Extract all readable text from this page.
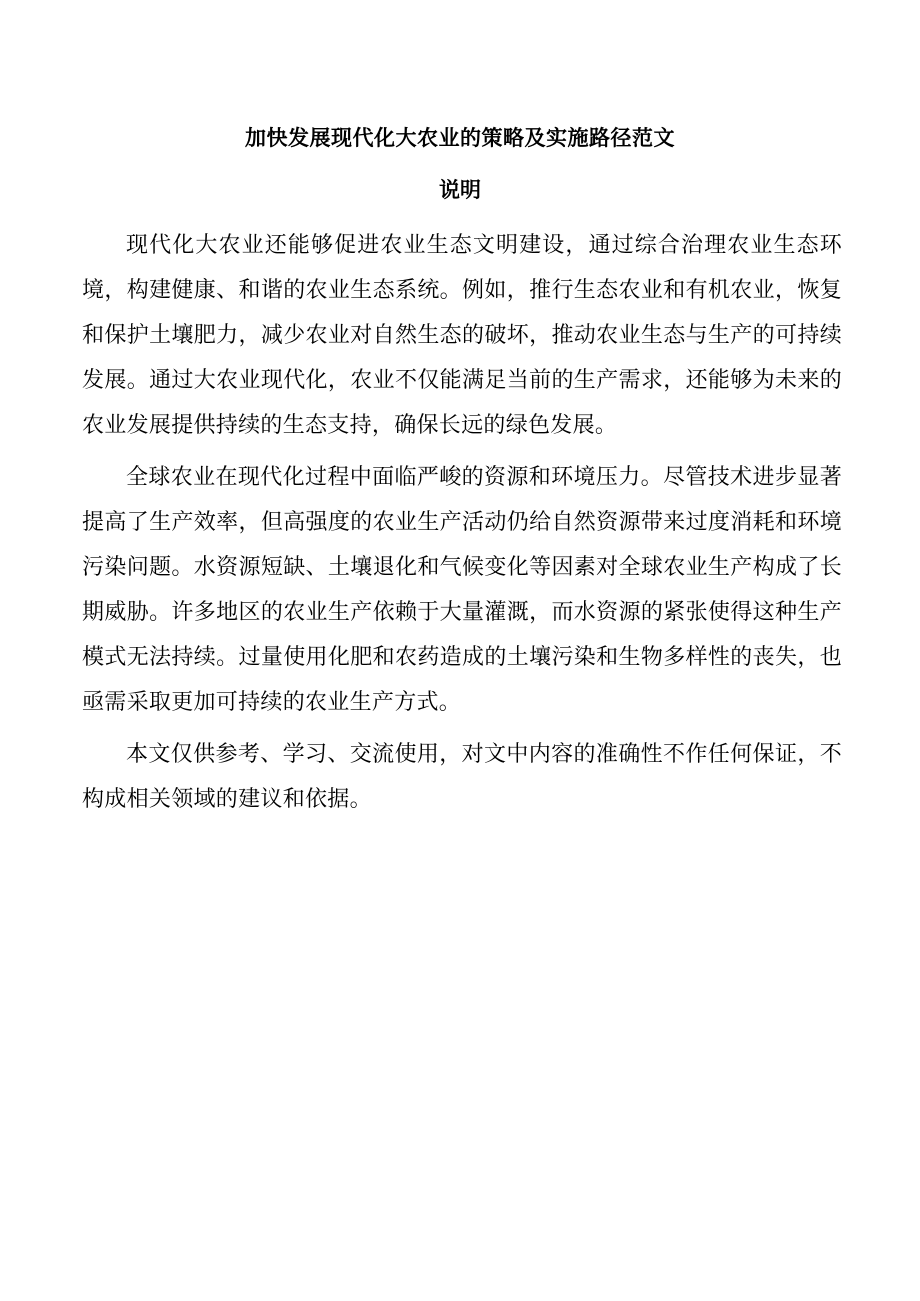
加快发展现代化大农业的策略及实施路径范文
说明

现代化大农业还能够促进农业生态文明建设，通过综合治理农业生态环境，构建健康、和谐的农业生态系统。例如，推行生态农业和有机农业，恢复和保护土壤肥力，减少农业对自然生态的破坏，推动农业生态与生产的可持续发展。通过大农业现代化，农业不仅能满足当前的生产需求，还能够为未来的农业发展提供持续的生态支持，确保长远的绿色发展。

全球农业在现代化过程中面临严峻的资源和环境压力。尽管技术进步显著提高了生产效率，但高强度的农业生产活动仍给自然资源带来过度消耗和环境污染问题。水资源短缺、土壤退化和气候变化等因素对全球农业生产构成了长期威胁。许多地区的农业生产依赖于大量灌溉，而水资源的紧张使得这种生产模式无法持续。过量使用化肥和农药造成的土壤污染和生物多样性的丧失，也亟需采取更加可持续的农业生产方式。

本文仅供参考、学习、交流使用，对文中内容的准确性不作任何保证，不构成相关领域的建议和依据。
